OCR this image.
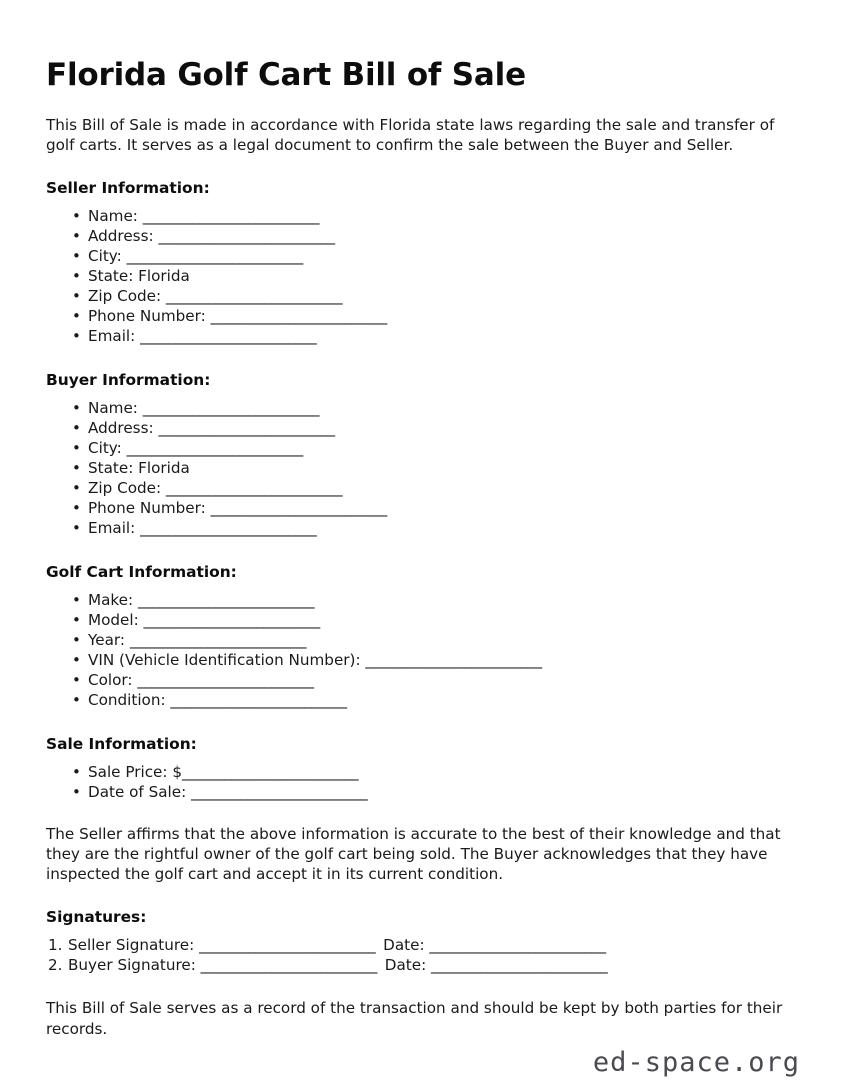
Florida Golf Cart Bill of Sale

This Bill of Sale is made in accordance with Florida state laws regarding the sale and transfer of golf carts. It serves as a legal document to confirm the sale between the Buyer and Seller.

Seller Information:
• Name: _________________________
• Address: _________________________
• City: _________________________
• State: Florida
• Zip Code: _________________________
• Phone Number: _________________________
• Email: _________________________
Buyer Information:
• Name: _________________________
• Address: _________________________
• City: _________________________
• State: Florida
• Zip Code: _________________________
• Phone Number: _________________________
• Email: _________________________
Golf Cart Information:
• Make: _________________________
• Model: _________________________
• Year: _________________________
• VIN (Vehicle Identification Number): _________________________
• Color: _________________________
• Condition: _________________________
Sale Information:
• Sale Price: $_________________________
• Date of Sale: _________________________

The Seller affirms that the above information is accurate to the best of their knowledge and that they are the rightful owner of the golf cart being sold. The Buyer acknowledges that they have inspected the golf cart and accept it in its current condition.

Signatures:
Seller Signature: _________________________ Date: _________________________
Buyer Signature: _________________________ Date: _________________________

This Bill of Sale serves as a record of the transaction and should be kept by both parties for their records.

ed-space.org
